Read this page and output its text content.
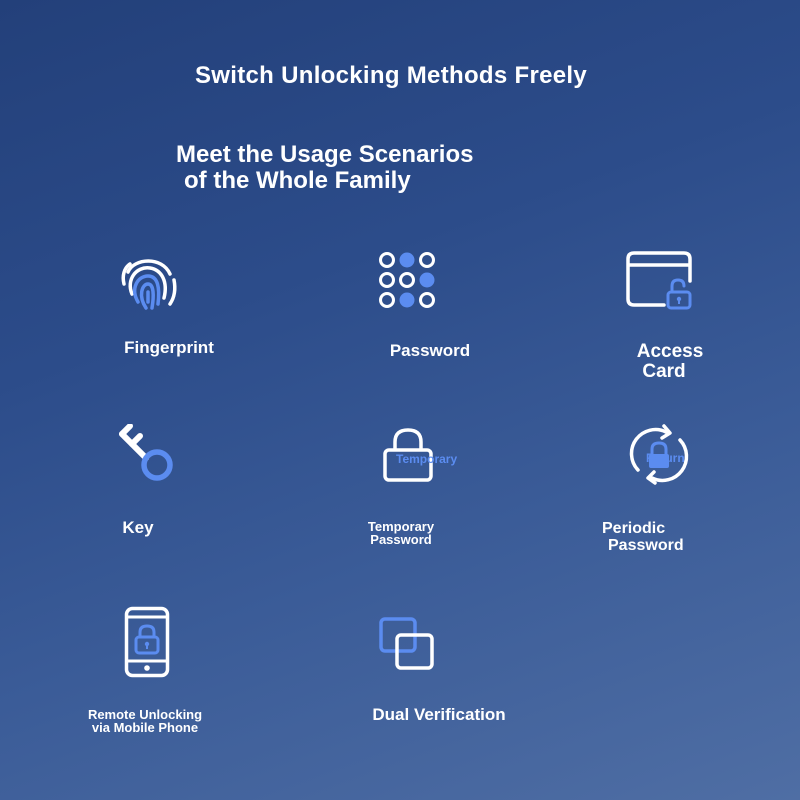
Switch Unlocking Methods Freely
Meet the Usage Scenarios
of the Whole Family
Fingerprint	Password	Access
Card
Key
Temporary
Temporary
Password
Return
Periodic
Password
Remote Unlocking
via Mobile Phone
Dual Verification
